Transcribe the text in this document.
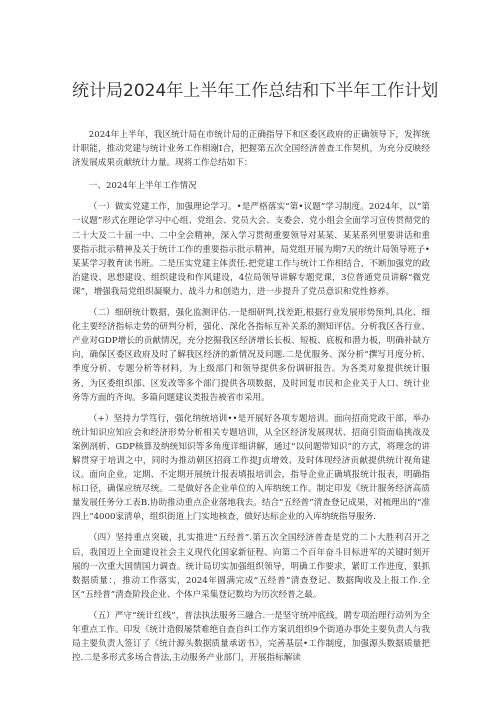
统计局2024年上半年工作总结和下半年工作计划

2024年上半年，我区统计局在市统计局的正确指导下和区委区政府的正确领导下，发挥统计职能，推动党建与统计业务工作相谢I合，把握第五次全国经济普查工作契机，为充分反映经济发展成果贡献统计力量。现将工作总结如下：

一、2024年上半年工作情况

（一）做实党建工作，加强理论学习。•是严格落实“第•议题”学习制度。2024年，以“第一议题”形式在理论学习中心组、党组会、党员大会、支委会、党小组会全面学习宣传贯彻党的二十大及二十届一中、二中全会精神，深入学习贯彻重要领导对某某、某某系列里要讲话和重要指示批示精神及关于统计工作的重要指示批示精神，局党组开展为期7天的统计局领导班子•某某学习教育读书班。二是压实党建主体责任.把党建工作与统计工作相结合，不断加强党的政治建设、思想建设、组织建设和作风建设，4位局领导讲解专题党课，3位普通党员讲解“微党课”，增强我局党组织凝聚力、战斗力和创造力，进一步提升了党员意识和党性修养。

（二）细研统计数据，强化监测评估.一是细研判,找差距,根据行业发展形势预判,具化、细化主要经济指标走势的研判分析，强化、深化各指标互补关系的测知评估。分析我区各行业、产业对GDP增长的贡献情况，充分挖掘我区经济增长长板、短板、底板和潜力板，明确补缺方向，确保区委区政府及时了解我区经济的新情况及问题.二是优服务、深分析“撰写月度分析、季度分析、专题分析等材料，为上级部门和领导提供多份调研报告。为各类对象提供统计服务，为区委组织部、区发改等多个部门提供各项数据，及时回复市民和企业关于人口、统计业务等方面的齐询。多篇问题建议类报告被省市采用。

（+）坚持力学笃行，强化纳统培训••是开展好各项专题培训。面向招商党政干部，举办统计知识应知应会和经济形势分析相关专题培训，从全区经济发展现状、招商引资面临挑战及案例剖析、GDP核算及纳统知识等多角度详细讲解，通过“以问题带知识”的方式，将理念的讲解贯穿于培训之中，同时为推动朝区招商工作提J贞增效、及时体现经济贡献提供统计视角建议。面向企业，定期、不定期开展统计报表填报培训会，指导企业正确填报统计报表，明确指标口径，确保应统尽统。二是做好各企业单位的入库纳统工作。制定印发《统计服务经济高质量发展任务分工表B.协助推动重点企业落地我去。结合“五经普”清查登记成果，对梳理出的“准四上”4000家清单，组织街道上门实地核查，做好达标企业的入库纳统指导服务.

（四）坚持重点突破，扎实推进“五经普”.第五次全国经济普查是党的二卜大胜利召开之后，我国迈上全面建设社会主义现代化国家新征程、向第二个百年奋斗目标进军的关键时刻开展的一次重大国情国力调查。统计局切实加强组织领导，明确工作要求，紧盯工作进度，狠抓数据质量：，推动工作落实，2024年圆满完成“五经普”清查登记、数据陶收及上报工作.全区“五经普”清查阶段企业、个体户采集登记数均为历次经普之最。

（五）严守“统计红线”，普法执法服务三融合.一是坚守统冲底线，聘专项治理行动列为全年重点工作。印发《统计造假屡禁难绝自查自纠工作方案讥组织9个街道办事处主要负责人与我局主要负责人签订了《统计源头数据质量承诺书》，完善基层•工作制度，加强源头数据质量把控.二是多形式多场合普法,主动服务产业部门，开展指标解读
